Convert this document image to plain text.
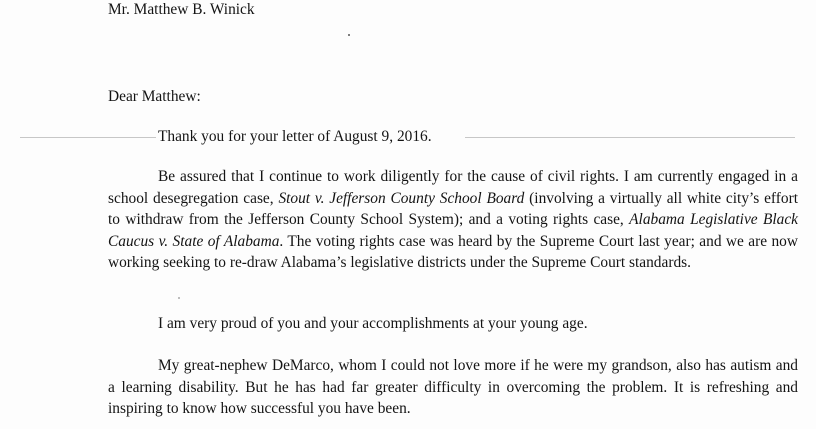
Mr. Matthew B. Winick
Dear Matthew:
Thank you for your letter of August 9, 2016.

Be assured that I continue to work diligently for the cause of civil rights. I am currently engaged in a school desegregation case, Stout v. Jefferson County School Board (involving a virtually all white city’s effort to withdraw from the Jefferson County School System); and a voting rights case, Alabama Legislative Black Caucus v. State of Alabama. The voting rights case was heard by the Supreme Court last year; and we are now working seeking to re-draw Alabama’s legislative districts under the Supreme Court standards.

I am very proud of you and your accomplishments at your young age.

My great-nephew DeMarco, whom I could not love more if he were my grandson, also has autism and a learning disability. But he has had far greater difficulty in overcoming the problem. It is refreshing and inspiring to know how successful you have been.
